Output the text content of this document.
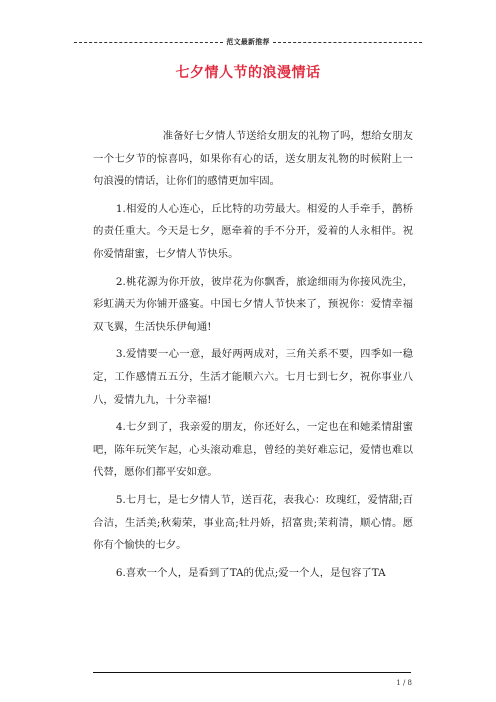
范文最新推荐
七夕情人节的浪漫情话

准备好七夕情人节送给女朋友的礼物了吗，想给女朋友一个七夕节的惊喜吗，如果你有心的话，送女朋友礼物的时候附上一句浪漫的情话，让你们的感情更加牢固。

1.相爱的人心连心，丘比特的功劳最大。相爱的人手牵手，鹊桥的责任重大。今天是七夕，愿牵着的手不分开，爱着的人永相伴。祝你爱情甜蜜，七夕情人节快乐。

2.桃花源为你开放，彼岸花为你飘香，旅途细雨为你接风洗尘，彩虹满天为你铺开盛宴。中国七夕情人节快来了，预祝你：爱情幸福双飞翼，生活快乐伊甸通!

3.爱情要一心一意，最好两两成对，三角关系不要，四季如一稳定，工作感情五五分，生活才能顺六六。七月七到七夕，祝你事业八八，爱情九九，十分幸福!

4.七夕到了，我亲爱的朋友，你还好么，一定也在和她柔情甜蜜吧，陈年玩笑乍起，心头滚动难息，曾经的美好难忘记，爱情也难以代替，愿你们都平安如意。

5.七月七，是七夕情人节，送百花，表我心：玫瑰红，爱情甜;百合洁，生活美;秋菊荣，事业高;牡丹娇，招富贵;茉莉清，顺心情。愿你有个愉快的七夕。

6.喜欢一个人，是看到了TA的优点;爱一个人，是包容了TA

1 / 8
